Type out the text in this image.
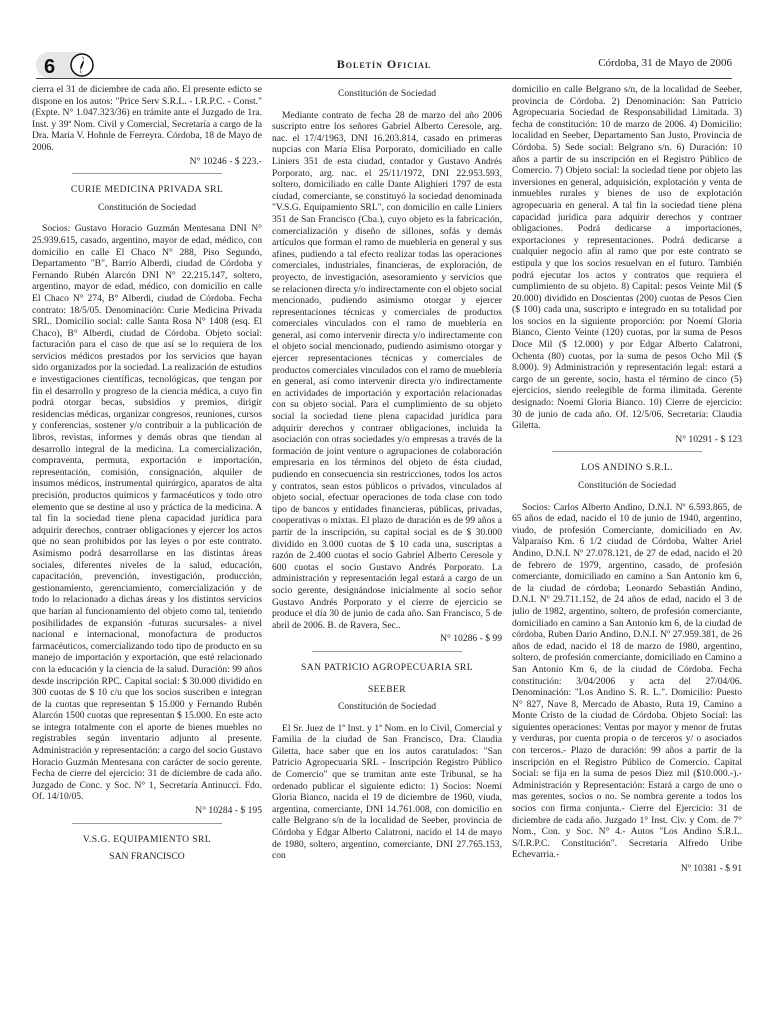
6	Boletín Oficial	Córdoba, 31 de Mayo de 2006

cierra el 31 de diciembre de cada año. El presente edicto se dispone en los autos: "Price Serv S.R.L. - I.R.P.C. - Const." (Expte. N° 1.047.323/36) en trámite ante el Juzgado de 1ra. Inst. y 39ª Nom. Civil y Comercial, Secretaría a cargo de la Dra. María V. Hohnle de Ferreyra. Córdoba, 18 de Mayo de 2006.

N° 10246 - $ 223.-

CURIE MEDICINA PRIVADA SRL
Constitución de Sociedad

Socios: Gustavo Horacio Guzmán Mentesana DNI N° 25.939.615, casado, argentino, mayor de edad, médico, con domicilio en calle El Chaco N° 288, Piso Segundo, Departamento "B", Barrio Alberdi, ciudad de Córdoba y Fernando Rubén Alarcón DNI N° 22.215.147, soltero, argentino, mayor de edad, médico, con domicilio en calle El Chaco N° 274, B° Alberdi, ciudad de Córdoba. Fecha contrato: 18/5/05. Denominación: Curie Medicina Privada SRL. Domicilio social: calle Santa Rosa N° 1408 (esq. El Chaco), B° Alberdi, ciudad de Córdoba. Objeto social: facturación para el caso de que así se lo requiera de los servicios médicos prestados por los servicios que hayan sido organizados por la sociedad. La realización de estudios e investigaciones científicas, tecnológicas, que tengan por fin el desarrollo y progreso de la ciencia médica, a cuyo fin podrá otorgar becas, subsidios y premios, dirigir residencias médicas, organizar congresos, reuniones, cursos y conferencias, sostener y/o contribuir a la publicación de libros, revistas, informes y demás obras que tiendan al desarrollo integral de la medicina. La comercialización, compraventa, permuta, exportación e importación, representación, comisión, consignación, alquiler de insumos médicos, instrumental quirúrgico, aparatos de alta precisión, productos químicos y farmacéuticos y todo otro elemento que se destine al uso y práctica de la medicina. A tal fin la sociedad tiene plena capacidad jurídica para adquirir derechos, contraer obligaciones y ejercer los actos que no sean prohibidos por las leyes o por este contrato. Asimismo podrá desarrollarse en las distintas áreas sociales, diferentes niveles de la salud, educación, capacitación, prevención, investigación, producción, gestionamiento, gerenciamiento, comercialización y de todo lo relacionado a dichas áreas y los distintos servicios que harían al funcionamiento del objeto como tal, teniendo posibilidades de expansión -futuras sucursales- a nivel nacional e internacional, monofactura de productos farmacéuticos, comercializando todo tipo de producto en su manejo de importación y exportación, que esté relacionado con la educación y la ciencia de la salud. Duración: 99 años desde inscripción RPC. Capital social: $ 30.000 dividido en 300 cuotas de $ 10 c/u que los socios suscriben e integran de la cuotas que representan $ 15.000 y Fernando Rubén Alarcón 1500 cuotas que representan $ 15.000. En este acto se integra totalmente con el aporte de bienes muebles no registrables según inventario adjunto al presente. Administración y representación: a cargo del socio Gustavo Horacio Guzmán Mentesana con carácter de socio gerente. Fecha de cierre del ejercicio: 31 de diciembre de cada año. Juzgado de Conc. y Soc. N° 1, Secretaría Antinucci. Fdo. Of. 14/10/05.

N° 10284 - $ 195

V.S.G. EQUIPAMIENTO SRL
SAN FRANCISCO
Constitución de Sociedad

Mediante contrato de fecha 28 de marzo del año 2006 suscripto entre los señores Gabriel Alberto Ceresole, arg. nac. el 17/4/1963, DNI 16.203.814, casado en primeras nupcias con María Elisa Porporato, domiciliado en calle Liniers 351 de esta ciudad, contador y Gustavo Andrés Porporato, arg. nac. el 25/11/1972, DNI 22.953.593, soltero, domiciliado en calle Dante Alighieri 1797 de esta ciudad, comerciante, se constituyó la sociedad denominada "V.S.G. Equipamiento SRL", con domicilio en calle Liniers 351 de San Francisco (Cba.), cuyo objeto es la fabricación, comercialización y diseño de sillones, sofás y demás artículos que forman el ramo de mueblería en general y sus afines, pudiendo a tal efecto realizar todas las operaciones comerciales, industriales, financieras, de exploración, de proyecto, de investigación, asesoramiento y servicios que se relacionen directa y/o indirectamente con el objeto social mencionado, pudiendo asimismo otorgar y ejercer representaciones técnicas y comerciales de productos comerciales vinculados con el ramo de mueblería en general, así como intervenir directa y/o indirectamente con el objeto social mencionado, pudiendo asimismo otorgar y ejercer representaciones técnicas y comerciales de productos comerciales vinculados con el ramo de mueblería en general, así como intervenir directa y/o indirectamente en actividades de importación y exportación relacionadas con su objeto social. Para el cumplimiento de su objeto social la sociedad tiene plena capacidad jurídica para adquirir derechos y contraer obligaciones, incluida la asociación con otras sociedades y/o empresas a través de la formación de joint venture o agrupaciones de colaboración empresaria en los términos del objeto de ésta ciudad, pudiendo en consecuencia sin restricciones, todos los actos y contratos, sean estos públicos o privados, vinculados al objeto social, efectuar operaciones de toda clase con todo tipo de bancos y entidades financieras, públicas, privadas, cooperativas o mixtas. El plazo de duración es de 99 años a partir de la inscripción, su capital social es de $ 30.000 dividido en 3.000 cuotas de $ 10 cada una, suscriptas a razón de 2.400 cuotas el socio Gabriel Alberto Ceresole y 600 cuotas el socio Gustavo Andrés Porporato. La administración y representación legal estará a cargo de un socio gerente, designándose inicialmente al socio señor Gustavo Andrés Porporato y el cierre de ejercicio se produce el día 30 de junio de cada año. San Francisco, 5 de abril de 2006. B. de Ravera, Sec..

N° 10286 - $ 99

SAN PATRICIO AGROPECUARIA SRL
SEEBER
Constitución de Sociedad

El Sr. Juez de 1ª Inst. y 1ª Nom. en lo Civil, Comercial y Familia de la ciudad de San Francisco, Dra. Claudia Giletta, hace saber que en los autos caratulados: "San Patricio Agropecuaria SRL - Inscripción Registro Público de Comercio" que se tramitan ante este Tribunal, se ha ordenado publicar el siguiente edicto: 1) Socios: Noemí Gloria Bianco, nacida el 19 de diciembre de 1960, viuda, argentina, comerciante, DNI 14.761.008, con domicilio en calle Belgrano s/n de la localidad de Seeber, provincia de Córdoba y Edgar Alberto Calatroni, nacido el 14 de mayo de 1980, soltero, argentino, comerciante, DNI 27.765.153, con

domicilio en calle Belgrano s/n, de la localidad de Seeber, provincia de Córdoba. 2) Denominación: San Patricio Agropecuaria Sociedad de Responsabilidad Limitada. 3) fecha de constitución: 10 de marzo de 2006. 4) Domicilio: localidad en Seeber, Departamento San Justo, Provincia de Córdoba. 5) Sede social: Belgrano s/n. 6) Duración: 10 años a partir de su inscripción en el Registro Público de Comercio. 7) Objeto social: la sociedad tiene por objeto las inversiones en general, adquisición, explotación y venta de inmuebles rurales y bienes de uso de explotación agropecuaria en general. A tal fin la sociedad tiene plena capacidad jurídica para adquirir derechos y contraer obligaciones. Podrá dedicarse a importaciones, exportaciones y representaciones. Podrá dedicarse a cualquier negocio afín al ramo que por este contrato se estipula y que los socios resuelvan en el futuro. También podrá ejecutar los actos y contratos que requiera el cumplimiento de su objeto. 8) Capital: pesos Veinte Mil ($ 20.000) dividido en Doscientas (200) cuotas de Pesos Cien ($ 100) cada una, suscripto e integrado en su totalidad por los socios en la siguiente proporción: por Noemí Gloria Bianco, Ciento Veinte (120) cuotas, por la suma de Pesos Doce Mil ($ 12.000) y por Edgar Alberto Calatroni, Ochenta (80) cuotas, por la suma de pesos Ocho Mil ($ 8.000). 9) Administración y representación legal: estará a cargo de un gerente, socio, hasta el término de cinco (5) ejercicios, siendo reelegible de forma ilimitada. Gerente designado: Noemí Gloria Bianco. 10) Cierre de ejercicio: 30 de junio de cada año. Of. 12/5/06. Secretaría: Claudia Giletta.

N° 10291 - $ 123

LOS ANDINO S.R.L.
Constitución de Sociedad

Socios: Carlos Alberto Andino, D.N.I. Nº 6.593.865, de 65 años de edad, nacido el 10 de junio de 1940, argentino, viudo, de profesión Comerciante, domiciliado en Av. Valparaíso Km. 6 1/2 ciudad de Córdoba, Walter Ariel Andino, D.N.I. Nº 27.078.121, de 27 de edad, nacido el 20 de febrero de 1979, argentino, casado, de profesión comerciante, domiciliado en camino a San Antonio km 6, de la ciudad de córdoba; Leonardo Sebastián Andino, D.N.I. Nº 29.711.152, de 24 años de edad, nacido el 3 de julio de 1982, argentino, soltero, de profesión comerciante, domiciliado en camino a San Antonio km 6, de la ciudad de córdoba, Ruben Dario Andino, D.N.I. Nº 27.959.381, de 26 años de edad, nacido el 18 de marzo de 1980, argentino, soltero, de profesión comerciante, domiciliado en Camino a San Antonio Km 6, de la ciudad de Córdoba. Fecha constitución: 3/04/2006 y acta del 27/04/06. Denominación: "Los Andino S. R. L.". Domicilio: Puesto N° 827, Nave 8, Mercado de Abasto, Ruta 19, Camino a Monte Cristo de la ciudad de Córdoba. Objeto Social: las siguientes operaciones: Ventas por mayor y menor de frutas y verduras, por cuenta propia o de terceros y/ o asociados con terceros.- Plazo de duración: 99 años a partir de la inscripción en el Registro Público de Comercio. Capital Social: se fija en la suma de pesos Diez mil ($10.000.-).- Administración y Representación: Estará a cargo de uno o mas gerentes, socios o no. Se nombra gerente a todos los socios con firma conjunta.- Cierre del Ejercicio: 31 de diciembre de cada año. Juzgado 1° Inst. Civ. y Com. de 7° Nom., Con. y Soc. N° 4.- Autos "Los Andino S.R.L. S/I.R.P.C. Constitución". Secretaria Alfredo Uribe Echevarria.-

Nº 10381 - $ 91
